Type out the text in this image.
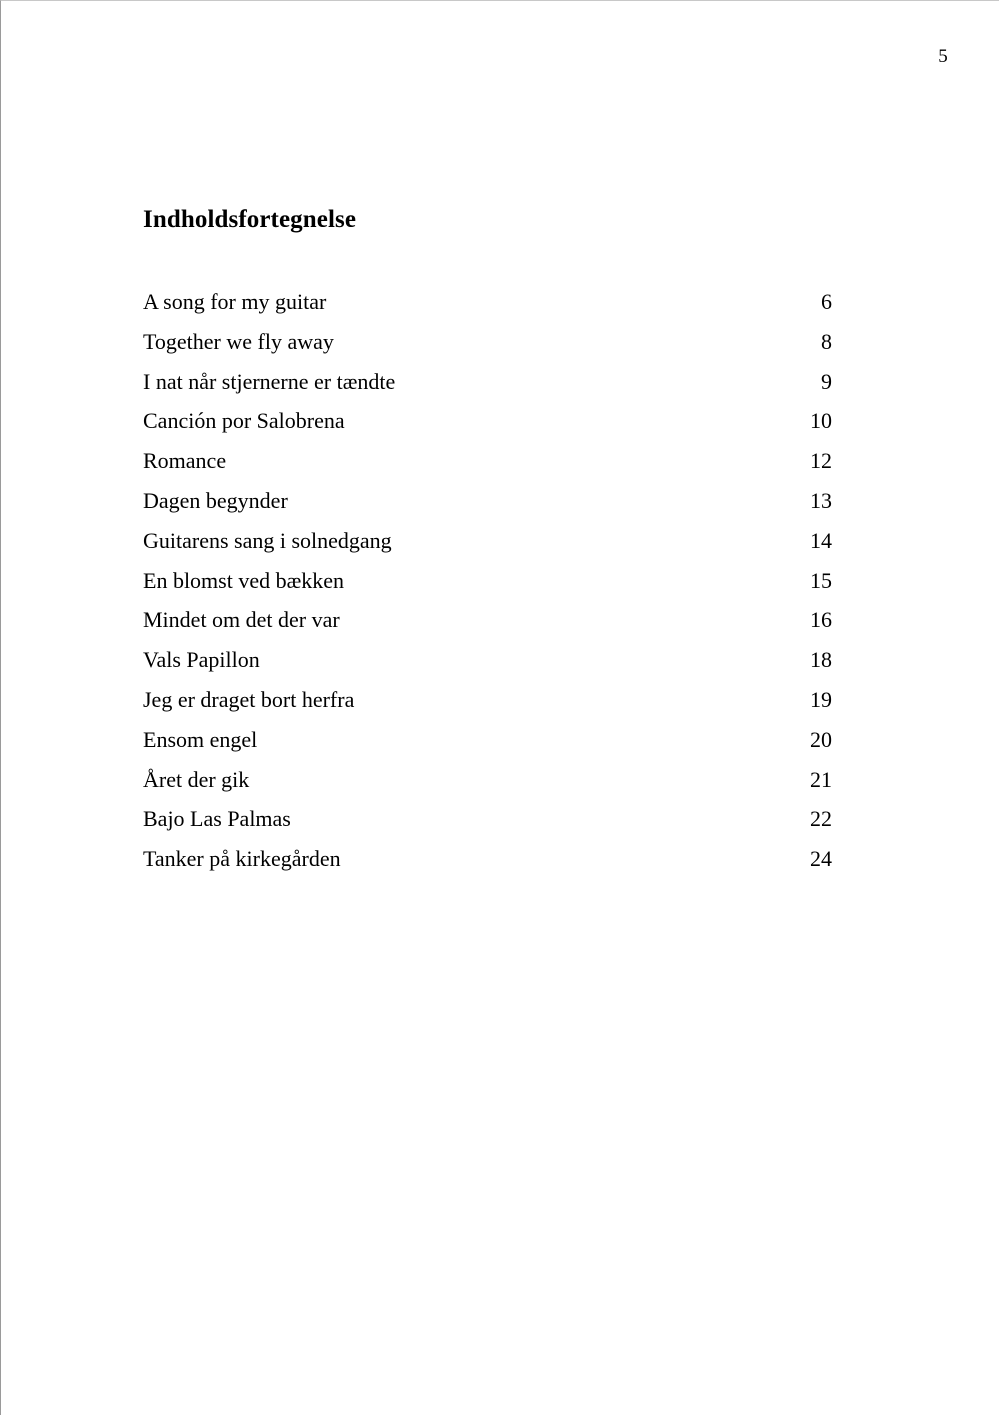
5
Indholdsfortegnelse
A song for my guitar	6
Together we fly away	8
I nat når stjernerne er tændte	9
Canción por Salobrena	10
Romance	12
Dagen begynder	13
Guitarens sang i solnedgang	14
En blomst ved bækken	15
Mindet om det der var	16
Vals Papillon	18
Jeg er draget bort herfra	19
Ensom engel	20
Året der gik	21
Bajo Las Palmas	22
Tanker på kirkegården	24
